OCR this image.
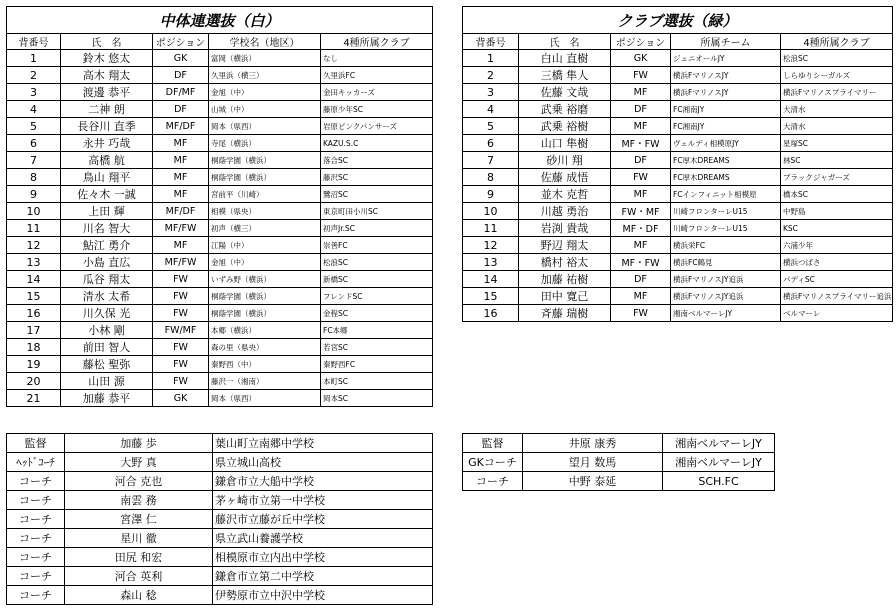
中体連選抜（白）				
背番号	氏　名	ポジション	学校名（地区）	4種所属クラブ
1	鈴木 悠太	GK	富岡（横浜）	なし
2	高木 翔太	DF	久里浜（横三）	久里浜FC
3	渡邊 恭平	DF/MF	金旭（中）	金田キッカーズ
4	二神 朗	DF	山城（中）	藤原少年SC
5	長谷川 直季	MF/DF	岡本（県西）	岩原ピンクパンサーズ
6	永井 巧哉	MF	寺尾（横浜）	KAZU.S.C
7	高橋 航	MF	桐蔭学園（横浜）	落合SC
8	鳥山 翔平	MF	桐蔭学園（横浜）	藤沢SC
9	佐々木 一誠	MF	宮前平（川崎）	鷺沼SC
10	上田 輝	MF/DF	相模（県央）	東京町田小川SC
11	川名 智大	MF/FW	初声（横三）	初声Jr.SC
12	鮎江 勇介	MF	江陽（中）	崇善FC
13	小島 直広	MF/FW	金旭（中）	松浪SC
14	瓜谷 翔太	FW	いずみ野（横浜）	新橋SC
15	清水 太希	FW	桐蔭学園（横浜）	フレンドSC
16	川久保 光	FW	桐蔭学園（横浜）	金程SC
17	小林 剛	FW/MF	本郷（横浜）	FC本郷
18	前田 智人	FW	森の里（県央）	若宮SC
19	藤松 聖弥	FW	秦野西（中）	秦野西FC
20	山田 源	FW	藤沢一（湘南）	本町SC
21	加藤 恭平	GK	岡本（県西）	岡本SC
クラブ選抜（緑）				
背番号	氏　名	ポジション	所属チーム	4種所属クラブ
1	白山 直樹	GK	ジュニオールJY	松浪SC
2	三橋 隼人	FW	横浜FマリノスJY	しらゆりシーガルズ
3	佐藤 文哉	MF	横浜FマリノスJY	横浜Fマリノスプライマリー
4	武乗 裕磨	DF	FC湘南JY	大清水
5	武乗 裕樹	MF	FC湘南JY	大清水
6	山口 隼樹	MF・FW	ヴェルディ相模原JY	星塚SC
7	砂川 翔	DF	FC厚木DREAMS	林SC
8	佐藤 成悟	FW	FC厚木DREAMS	ブラックジャガーズ
9	並木 克哲	MF	FCインフィニット相模原	橋本SC
10	川越 勇治	FW・MF	川崎フロンターレU15	中野島
11	岩渕 貴哉	MF・DF	川崎フロンターレU15	KSC
12	野辺 翔太	MF	横浜栄FC	六浦少年
13	橋村 裕太	MF・FW	横浜FC鶴見	横浜つばさ
14	加藤 祐樹	DF	横浜FマリノスJY追浜	パディSC
15	田中 寛己	MF	横浜FマリノスJY追浜	横浜Fマリノスプライマリー追浜
16	斉藤 瑞樹	FW	湘南ベルマーレJY	ベルマーレ
監督	加藤 歩	葉山町立南郷中学校
ﾍｯﾄﾞｺｰﾁ	大野 真	県立城山高校
コーチ	河合 克也	鎌倉市立大船中学校
コーチ	南雲 務	茅ヶ崎市立第一中学校
コーチ	宮澤 仁	藤沢市立藤が丘中学校
コーチ	星川 徹	県立武山養護学校
コーチ	田尻 和宏	相模原市立内出中学校
コーチ	河合 英利	鎌倉市立第二中学校
コーチ	森山 稔	伊勢原市立中沢中学校
監督	井原 康秀	湘南ベルマーレJY
GKコーチ	望月 数馬	湘南ベルマーレJY
コーチ	中野 泰延	SCH.FC
